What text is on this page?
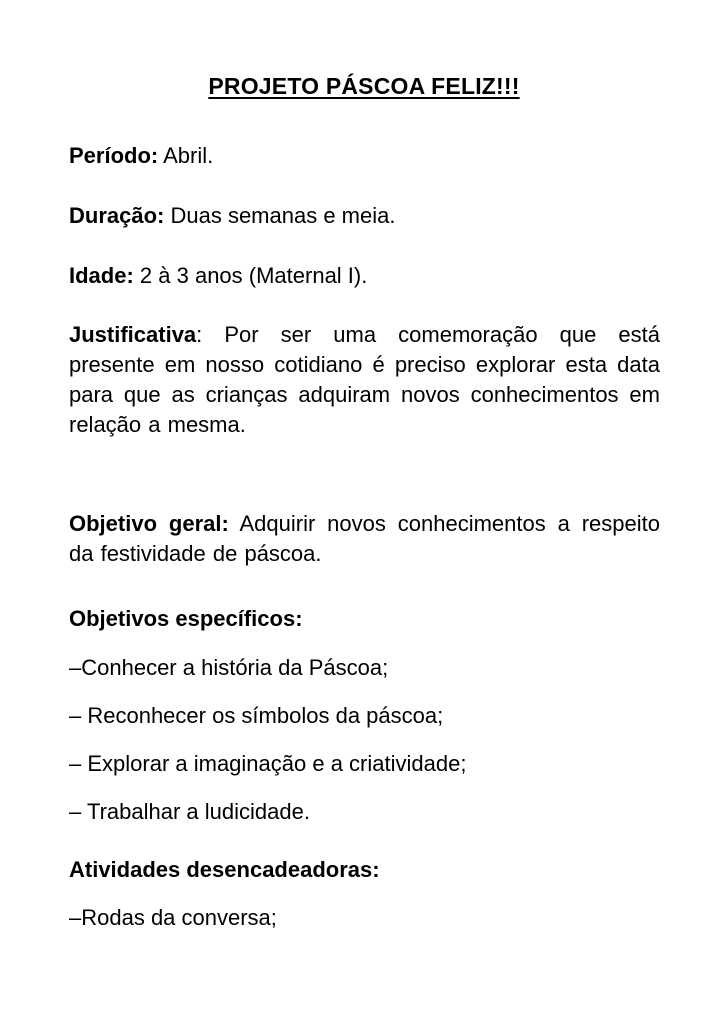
PROJETO PÁSCOA FELIZ!!!
Período: Abril.
Duração: Duas semanas e meia.
Idade: 2 à 3 anos (Maternal I).
Justificativa: Por ser uma comemoração que está presente em nosso cotidiano é preciso explorar esta data para que as crianças adquiram novos conhecimentos em relação a mesma.
Objetivo geral: Adquirir novos conhecimentos a respeito da festividade de páscoa.
Objetivos específicos:
–Conhecer a história da Páscoa;
– Reconhecer os símbolos da páscoa;
– Explorar a imaginação e a criatividade;
– Trabalhar a ludicidade.
Atividades desencadeadoras:
–Rodas da conversa;
